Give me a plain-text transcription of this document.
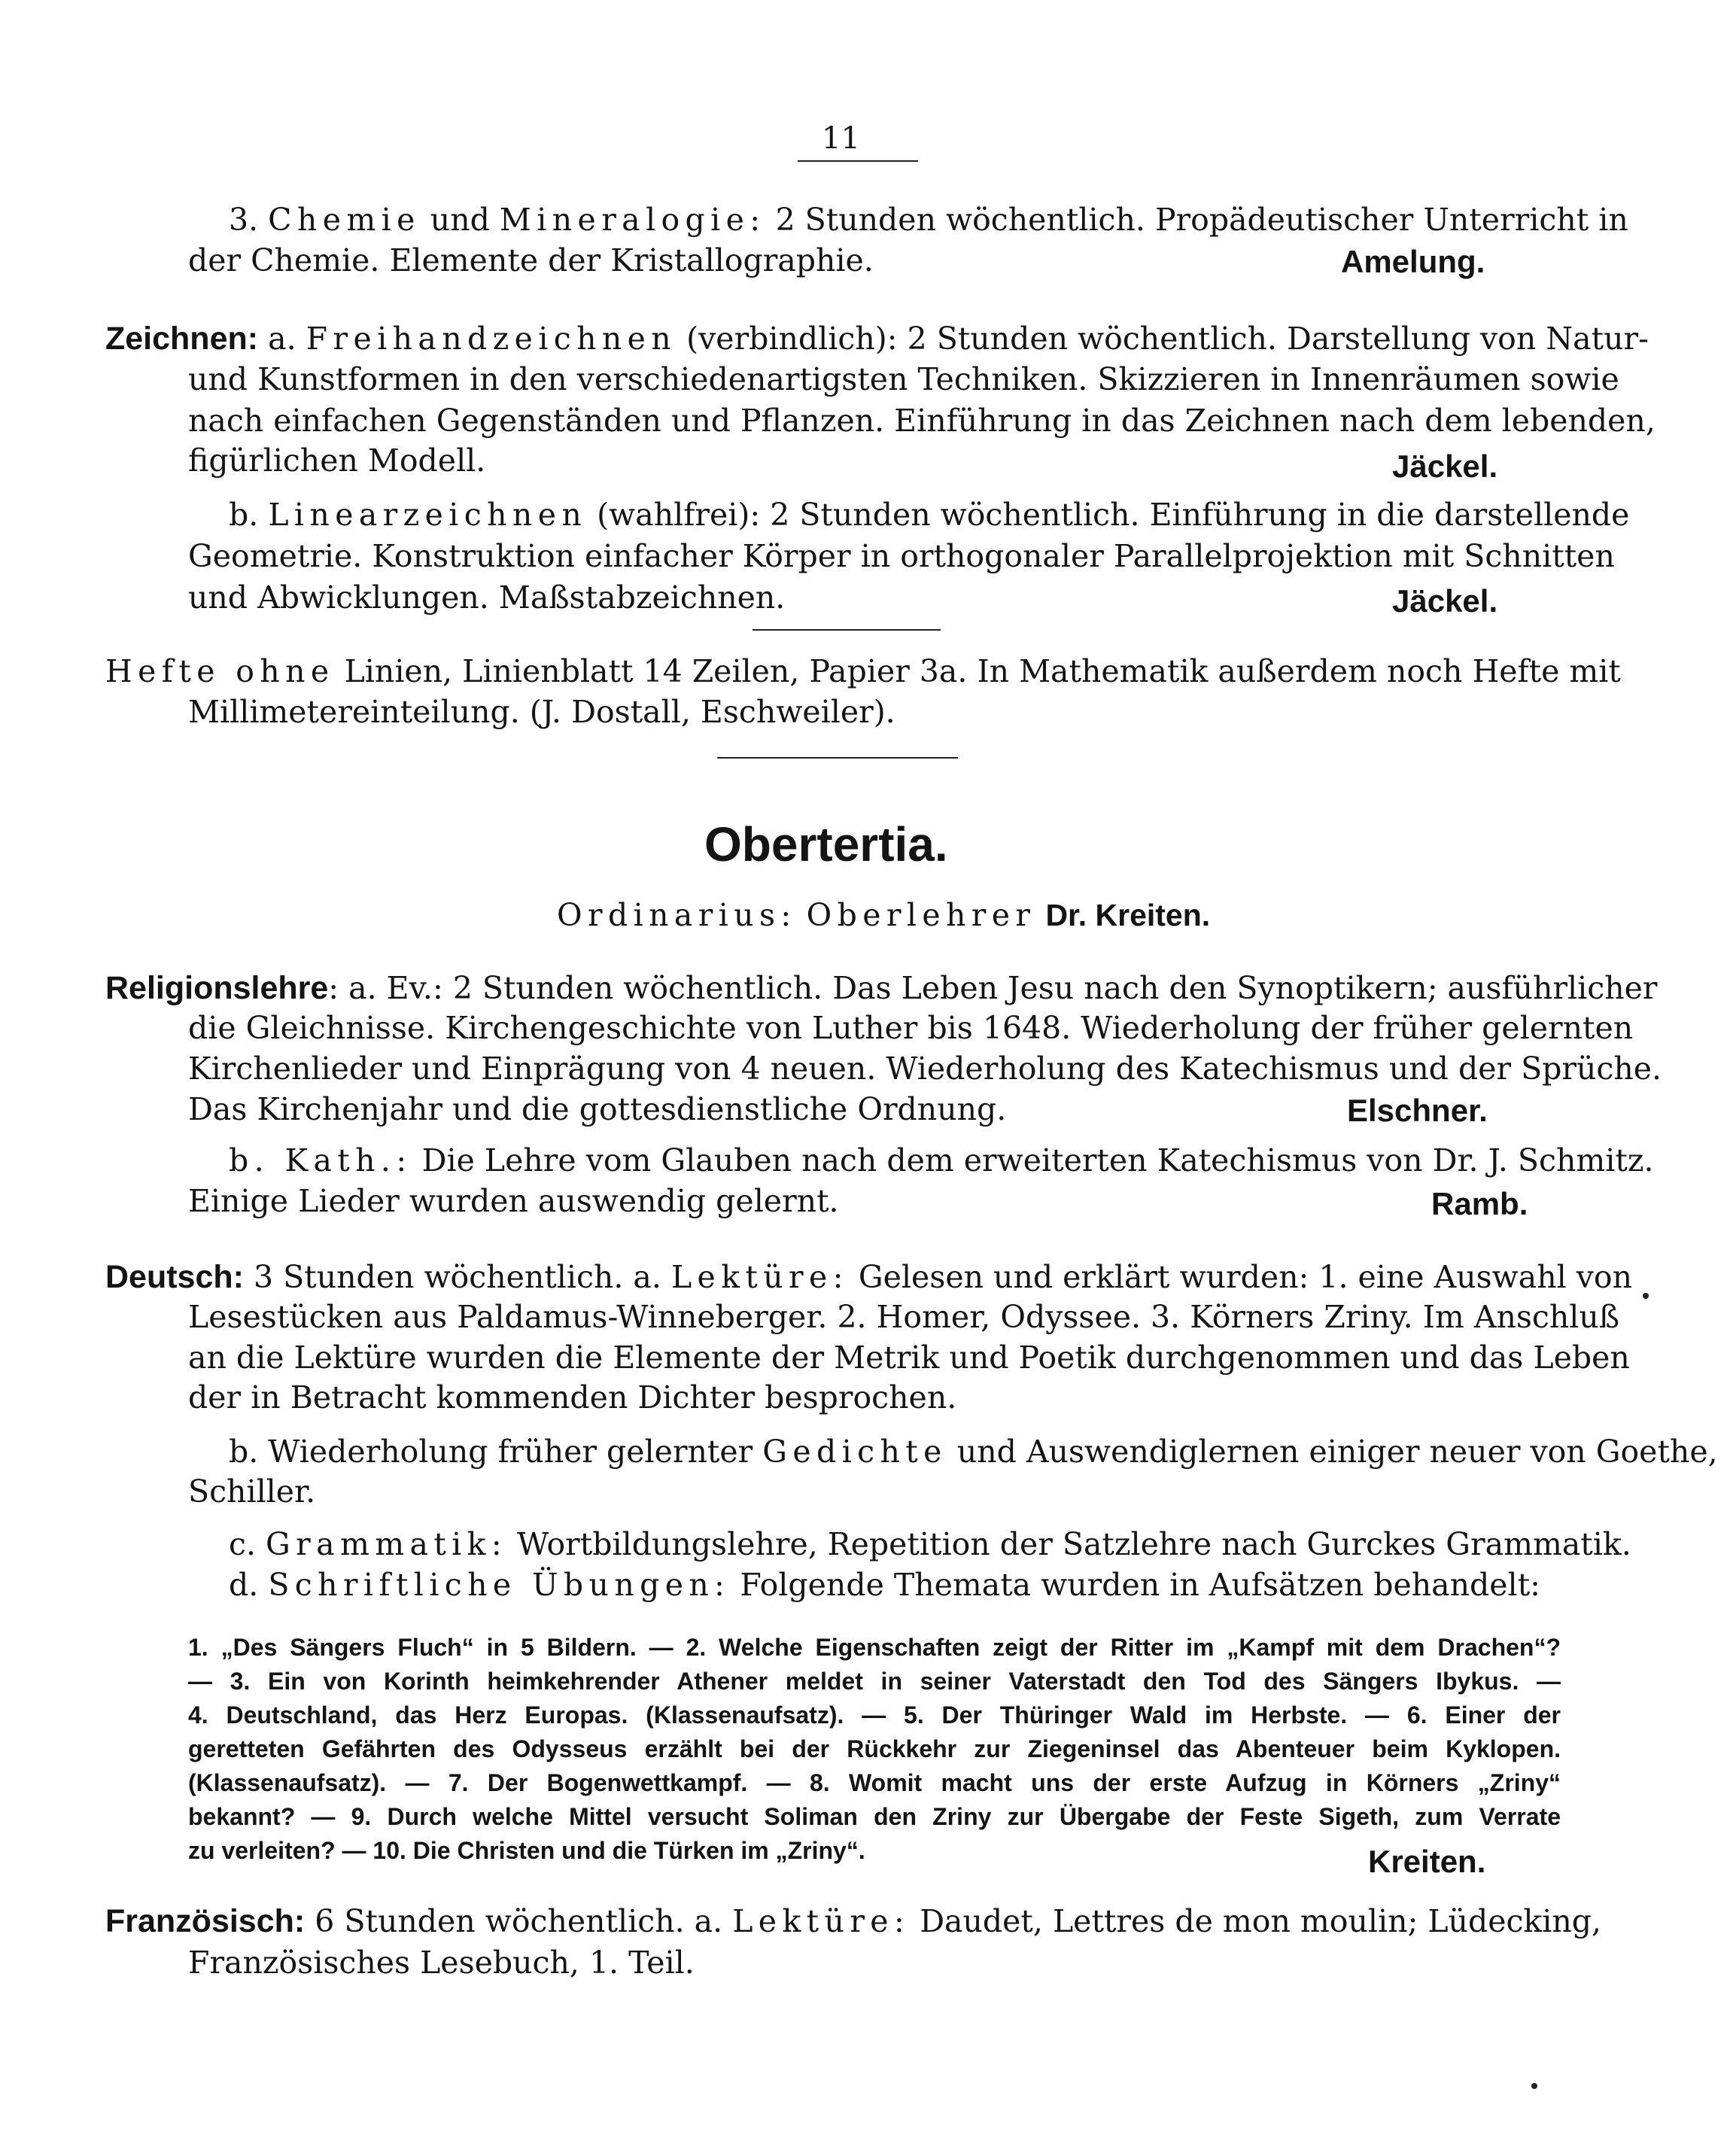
11
3. Chemie und Mineralogie: 2 Stunden wöchentlich. Propädeutischer Unterricht in
der Chemie. Elemente der Kristallographie.	Amelung.
Zeichnen: a. Freihandzeichnen (verbindlich): 2 Stunden wöchentlich. Darstellung von Natur-
und Kunstformen in den verschiedenartigsten Techniken. Skizzieren in Innenräumen sowie
nach einfachen Gegenständen und Pflanzen. Einführung in das Zeichnen nach dem lebenden,
figürlichen Modell.	Jäckel.
b. Linearzeichnen (wahlfrei): 2 Stunden wöchentlich. Einführung in die darstellende
Geometrie. Konstruktion einfacher Körper in orthogonaler Parallelprojektion mit Schnitten
und Abwicklungen. Maßstabzeichnen.	Jäckel.
Hefte ohne Linien, Linienblatt 14 Zeilen, Papier 3a. In Mathematik außerdem noch Hefte mit
Millimetereinteilung. (J. Dostall, Eschweiler).
Obertertia.
Ordinarius: Oberlehrer Dr. Kreiten.
Religionslehre: a. Ev.: 2 Stunden wöchentlich. Das Leben Jesu nach den Synoptikern; ausführlicher
die Gleichnisse. Kirchengeschichte von Luther bis 1648. Wiederholung der früher gelernten
Kirchenlieder und Einprägung von 4 neuen. Wiederholung des Katechismus und der Sprüche.
Das Kirchenjahr und die gottesdienstliche Ordnung.	Elschner.
b. Kath.: Die Lehre vom Glauben nach dem erweiterten Katechismus von Dr. J. Schmitz.
Einige Lieder wurden auswendig gelernt.	Ramb.
Deutsch: 3 Stunden wöchentlich. a. Lektüre: Gelesen und erklärt wurden: 1. eine Auswahl von
Lesestücken aus Paldamus-Winneberger. 2. Homer, Odyssee. 3. Körners Zriny. Im Anschluß
an die Lektüre wurden die Elemente der Metrik und Poetik durchgenommen und das Leben
der in Betracht kommenden Dichter besprochen.
b. Wiederholung früher gelernter Gedichte und Auswendiglernen einiger neuer von Goethe,
Schiller.
c. Grammatik: Wortbildungslehre, Repetition der Satzlehre nach Gurckes Grammatik.
d. Schriftliche Übungen: Folgende Themata wurden in Aufsätzen behandelt:
1. „Des Sängers Fluch“ in 5 Bildern. — 2. Welche Eigenschaften zeigt der Ritter im „Kampf mit dem Drachen“?
— 3. Ein von Korinth heimkehrender Athener meldet in seiner Vaterstadt den Tod des Sängers Ibykus. —
4. Deutschland, das Herz Europas. (Klassenaufsatz). — 5. Der Thüringer Wald im Herbste. — 6. Einer der
geretteten Gefährten des Odysseus erzählt bei der Rückkehr zur Ziegeninsel das Abenteuer beim Kyklopen.
(Klassenaufsatz). — 7. Der Bogenwettkampf. — 8. Womit macht uns der erste Aufzug in Körners „Zriny“
bekannt? — 9. Durch welche Mittel versucht Soliman den Zriny zur Übergabe der Feste Sigeth, zum Verrate
zu verleiten? — 10. Die Christen und die Türken im „Zriny“.	Kreiten.
Französisch: 6 Stunden wöchentlich. a. Lektüre: Daudet, Lettres de mon moulin; Lüdecking,
Französisches Lesebuch, 1. Teil.
